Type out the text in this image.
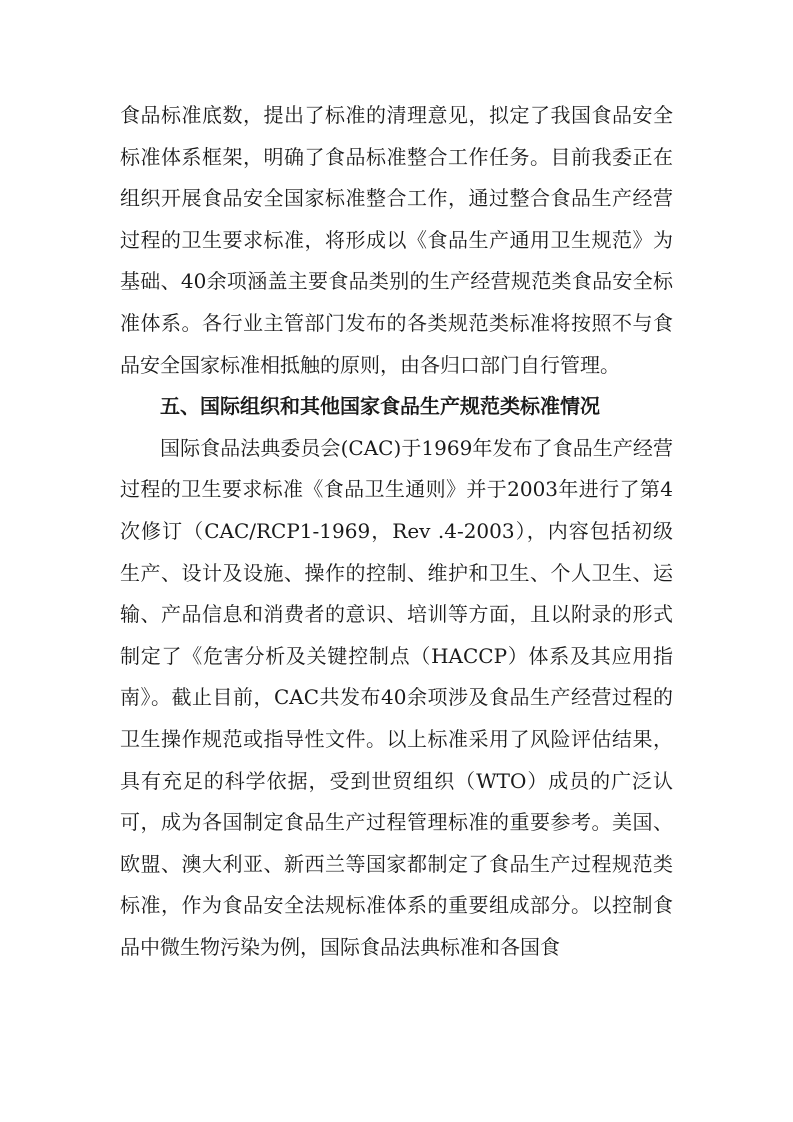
食品标准底数，提出了标准的清理意见，拟定了我国食品安全标准体系框架，明确了食品标准整合工作任务。目前我委正在组织开展食品安全国家标准整合工作，通过整合食品生产经营过程的卫生要求标准，将形成以《食品生产通用卫生规范》为基础、40余项涵盖主要食品类别的生产经营规范类食品安全标准体系。各行业主管部门发布的各类规范类标准将按照不与食品安全国家标准相抵触的原则，由各归口部门自行管理。

五、国际组织和其他国家食品生产规范类标准情况

国际食品法典委员会(CAC)于1969年发布了食品生产经营过程的卫生要求标准《食品卫生通则》并于2003年进行了第4次修订（CAC/RCP1-1969，Rev .4-2003），内容包括初级生产、设计及设施、操作的控制、维护和卫生、个人卫生、运输、产品信息和消费者的意识、培训等方面，且以附录的形式制定了《危害分析及关键控制点（HACCP）体系及其应用指南》。截止目前，CAC共发布40余项涉及食品生产经营过程的卫生操作规范或指导性文件。以上标准采用了风险评估结果，具有充足的科学依据，受到世贸组织（WTO）成员的广泛认可，成为各国制定食品生产过程管理标准的重要参考。美国、欧盟、澳大利亚、新西兰等国家都制定了食品生产过程规范类标准，作为食品安全法规标准体系的重要组成部分。以控制食品中微生物污染为例，国际食品法典标准和各国食
